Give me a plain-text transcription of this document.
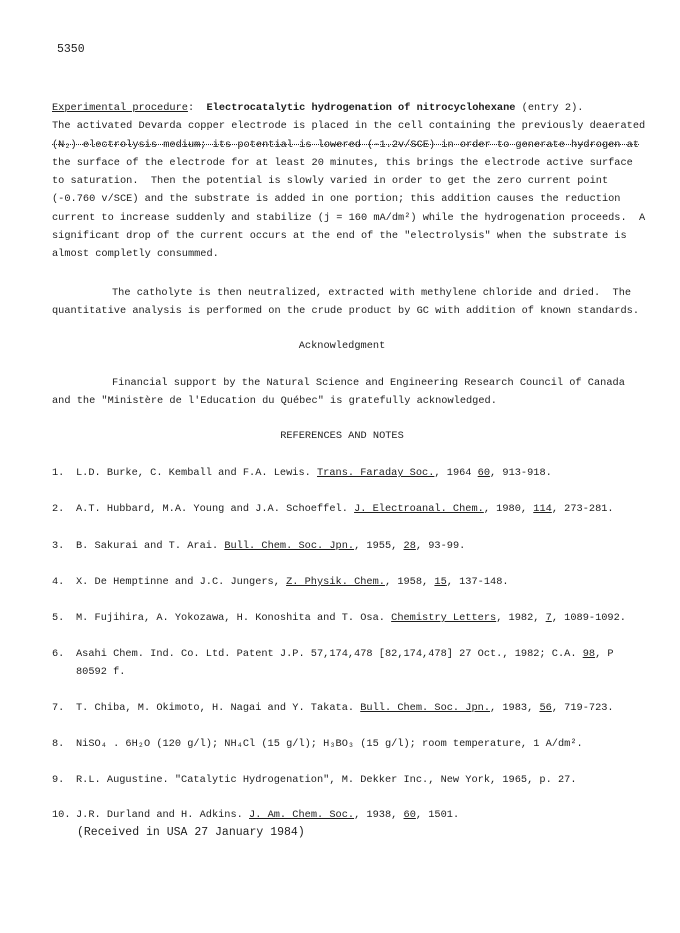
5350
Experimental procedure:  Electrocatalytic hydrogenation of nitrocyclohexane (entry 2).
The activated Devarda copper electrode is placed in the cell containing the previously deaerated
(N₂) electrolysis medium; its potential is lowered (-1.2v/SCE) in order to generate hydrogen at
the surface of the electrode for at least 20 minutes, this brings the electrode active surface
to saturation.  Then the potential is slowly varied in order to get the zero current point
(-0.760 v/SCE) and the substrate is added in one portion; this addition causes the reduction
current to increase suddenly and stabilize (j = 160 mA/dm²) while the hydrogenation proceeds.  A
significant drop of the current occurs at the end of the "electrolysis" when the substrate is
almost completly consummed.
The catholyte is then neutralized, extracted with methylene chloride and dried.  The
quantitative analysis is performed on the crude product by GC with addition of known standards.
Acknowledgment
Financial support by the Natural Science and Engineering Research Council of Canada
and the "Ministère de l'Education du Québec" is gratefully acknowledged.
REFERENCES AND NOTES
1. L.D. Burke, C. Kemball and F.A. Lewis. Trans. Faraday Soc., 1964 60, 913-918.
2. A.T. Hubbard, M.A. Young and J.A. Schoeffel. J. Electroanal. Chem., 1980, 114, 273-281.
3. B. Sakurai and T. Arai. Bull. Chem. Soc. Jpn., 1955, 28, 93-99.
4. X. De Hemptinne and J.C. Jungers, Z. Physik. Chem., 1958, 15, 137-148.
5. M. Fujihira, A. Yokozawa, H. Konoshita and T. Osa. Chemistry Letters, 1982, 7, 1089-1092.
6. Asahi Chem. Ind. Co. Ltd. Patent J.P. 57,174,478 [82,174,478] 27 Oct., 1982; C.A. 98, P
80592 f.
7. T. Chiba, M. Okimoto, H. Nagai and Y. Takata. Bull. Chem. Soc. Jpn., 1983, 56, 719-723.
8. NiSO₄ . 6H₂O (120 g/l); NH₄Cl (15 g/l); H₃BO₃ (15 g/l); room temperature, 1 A/dm².
9. R.L. Augustine. "Catalytic Hydrogenation", M. Dekker Inc., New York, 1965, p. 27.
10. J.R. Durland and H. Adkins. J. Am. Chem. Soc., 1938, 60, 1501.
(Received in USA 27 January 1984)
